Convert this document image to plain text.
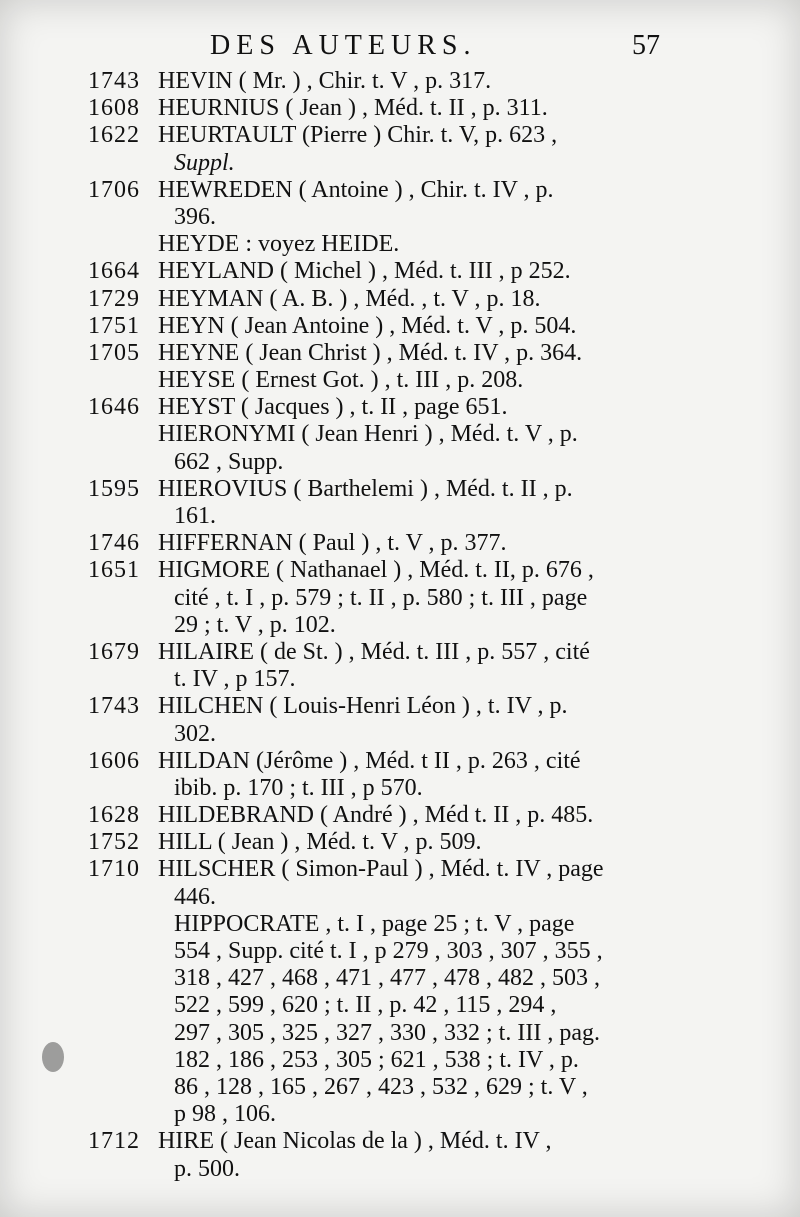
DES AUTEURS.	57
1743 HEVIN ( Mr. ) , Chir. t. V , p. 317.
1608 HEURNIUS ( Jean ) , Méd. t. II , p. 311.
1622 HEURTAULT (Pierre ) Chir. t. V, p. 623 ,
Suppl.
1706 HEWREDEN ( Antoine ) , Chir. t. IV , p.
396.
HEYDE : voyez HEIDE.
1664 HEYLAND ( Michel ) , Méd. t. III , p 252.
1729 HEYMAN ( A. B. ) , Méd. , t. V , p. 18.
1751 HEYN ( Jean Antoine ) , Méd. t. V , p. 504.
1705 HEYNE ( Jean Christ ) , Méd. t. IV , p. 364.
HEYSE ( Ernest Got. ) , t. III , p. 208.
1646 HEYST ( Jacques ) , t. II , page 651.
HIERONYMI ( Jean Henri ) , Méd. t. V , p.
662 , Supp.
1595 HIEROVIUS ( Barthelemi ) , Méd. t. II , p.
161.
1746 HIFFERNAN ( Paul ) , t. V , p. 377.
1651 HIGMORE ( Nathanael ) , Méd. t. II, p. 676 ,
cité , t. I , p. 579 ; t. II , p. 580 ; t. III , page
29 ; t. V , p. 102.
1679 HILAIRE ( de St. ) , Méd. t. III , p. 557 , cité
t. IV , p 157.
1743 HILCHEN ( Louis-Henri Léon ) , t. IV , p.
302.
1606 HILDAN (Jérôme ) , Méd. t II , p. 263 , cité
ibib. p. 170 ; t. III , p 570.
1628 HILDEBRAND ( André ) , Méd t. II , p. 485.
1752 HILL ( Jean ) , Méd. t. V , p. 509.
1710 HILSCHER ( Simon-Paul ) , Méd. t. IV , page
446.
HIPPOCRATE , t. I , page 25 ; t. V , page
554 , Supp. cité t. I , p 279 , 303 , 307 , 355 ,
318 , 427 , 468 , 471 , 477 , 478 , 482 , 503 ,
522 , 599 , 620 ; t. II , p. 42 , 115 , 294 ,
297 , 305 , 325 , 327 , 330 , 332 ; t. III , pag.
182 , 186 , 253 , 305 ; 621 , 538 ; t. IV , p.
86 , 128 , 165 , 267 , 423 , 532 , 629 ; t. V ,
p 98 , 106.
1712 HIRE ( Jean Nicolas de la ) , Méd. t. IV ,
p. 500.
